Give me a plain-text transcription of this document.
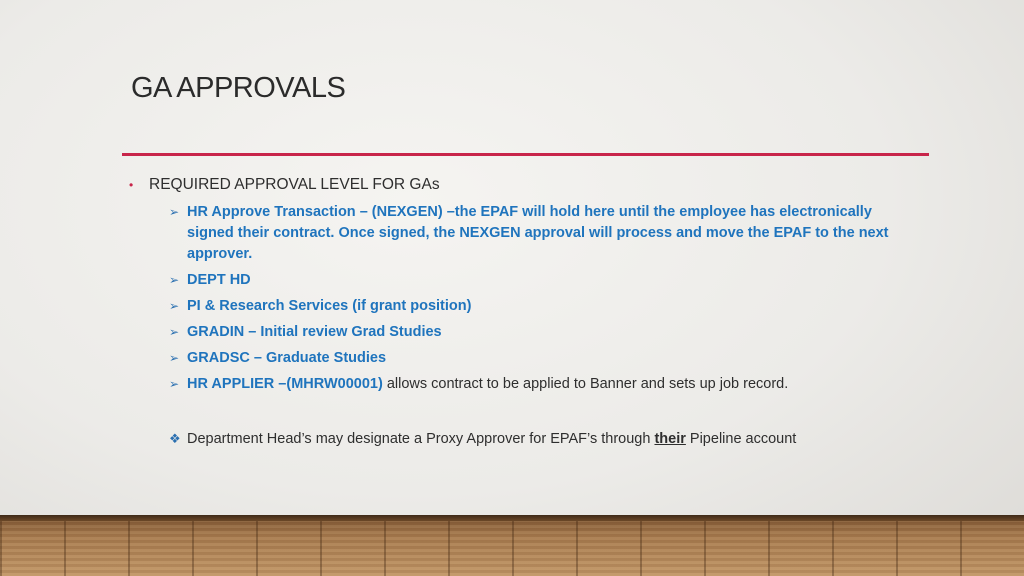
GA APPROVALS
•	REQUIRED APPROVAL LEVEL FOR GAs
➢ HR Approve Transaction – (NEXGEN) –the EPAF will hold here until the employee has electronically signed their contract. Once signed, the NEXGEN approval will process and move the EPAF to the next approver.
➢ DEPT HD
➢ PI & Research Services (if grant position)
➢ GRADIN – Initial review Grad Studies
➢ GRADSC – Graduate Studies
➢ HR APPLIER –(MHRW00001) allows contract to be applied to Banner and sets up job record.
❖ Department Head’s may designate a Proxy Approver for EPAF’s through their Pipeline account
